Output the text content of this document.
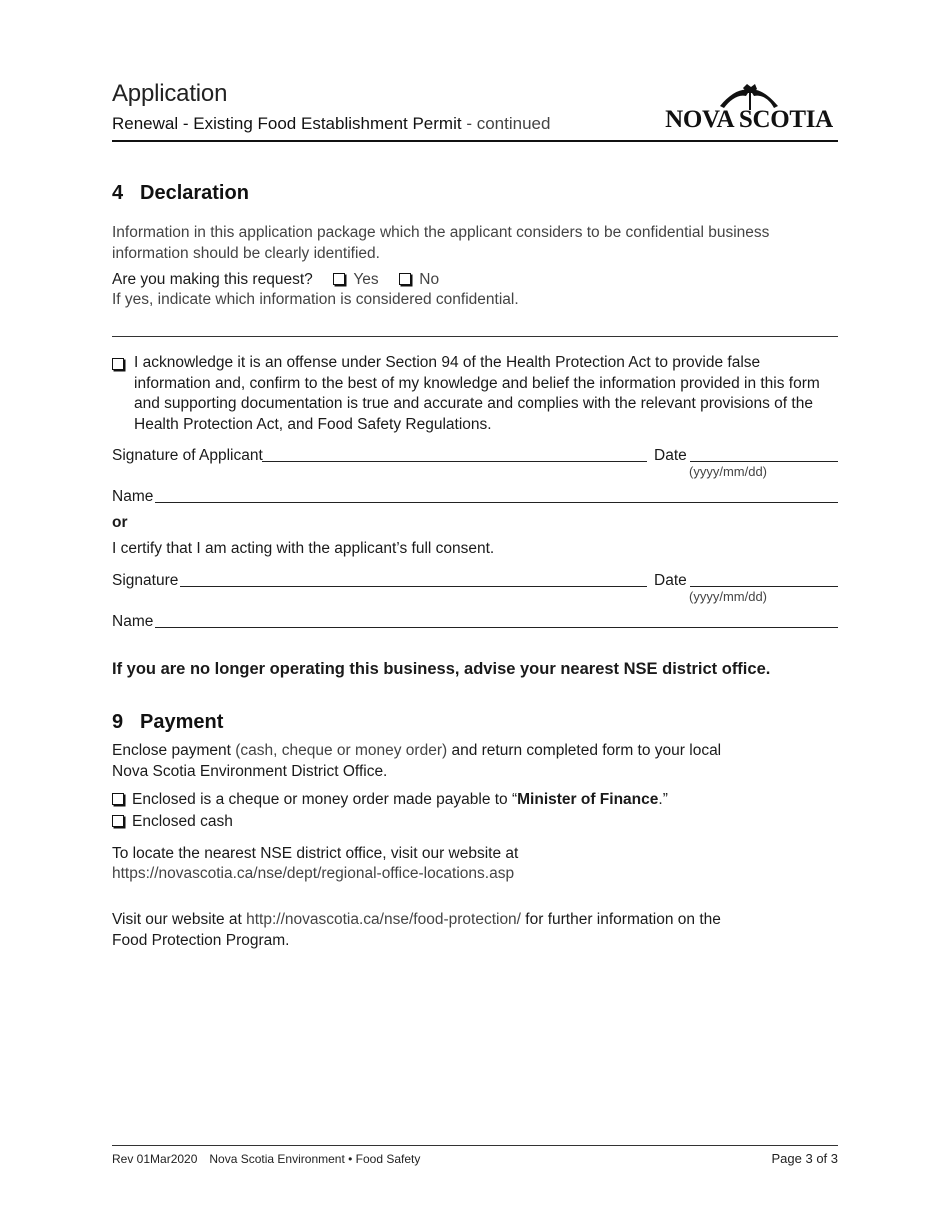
Application
Renewal - Existing Food Establishment Permit - continued	NOVA SCOTIA
4 Declaration
Information in this application package which the applicant considers to be confidential business information should be clearly identified.
Are you making this request?	Yes	No
If yes, indicate which information is considered confidential.
I acknowledge it is an offense under Section 94 of the Health Protection Act to provide false information and, confirm to the best of my knowledge and belief the information provided in this form and supporting documentation is true and accurate and complies with the relevant provisions of the Health Protection Act, and Food Safety Regulations.
Signature of Applicant	Date
(yyyy/mm/dd)
Name
or
I certify that I am acting with the applicant’s full consent.
Signature	Date
(yyyy/mm/dd)
Name
If you are no longer operating this business, advise your nearest NSE district office.
9 Payment
Enclose payment (cash, cheque or money order) and return completed form to your local
Nova Scotia Environment District Office.
Enclosed is a cheque or money order made payable to “Minister of Finance.”
Enclosed cash
To locate the nearest NSE district office, visit our website at
https://novascotia.ca/nse/dept/regional-office-locations.asp
Visit our website at http://novascotia.ca/nse/food-protection/ for further information on the
Food Protection Program.
Rev 01Mar2020 Nova Scotia Environment • Food Safety	Page 3 of 3
